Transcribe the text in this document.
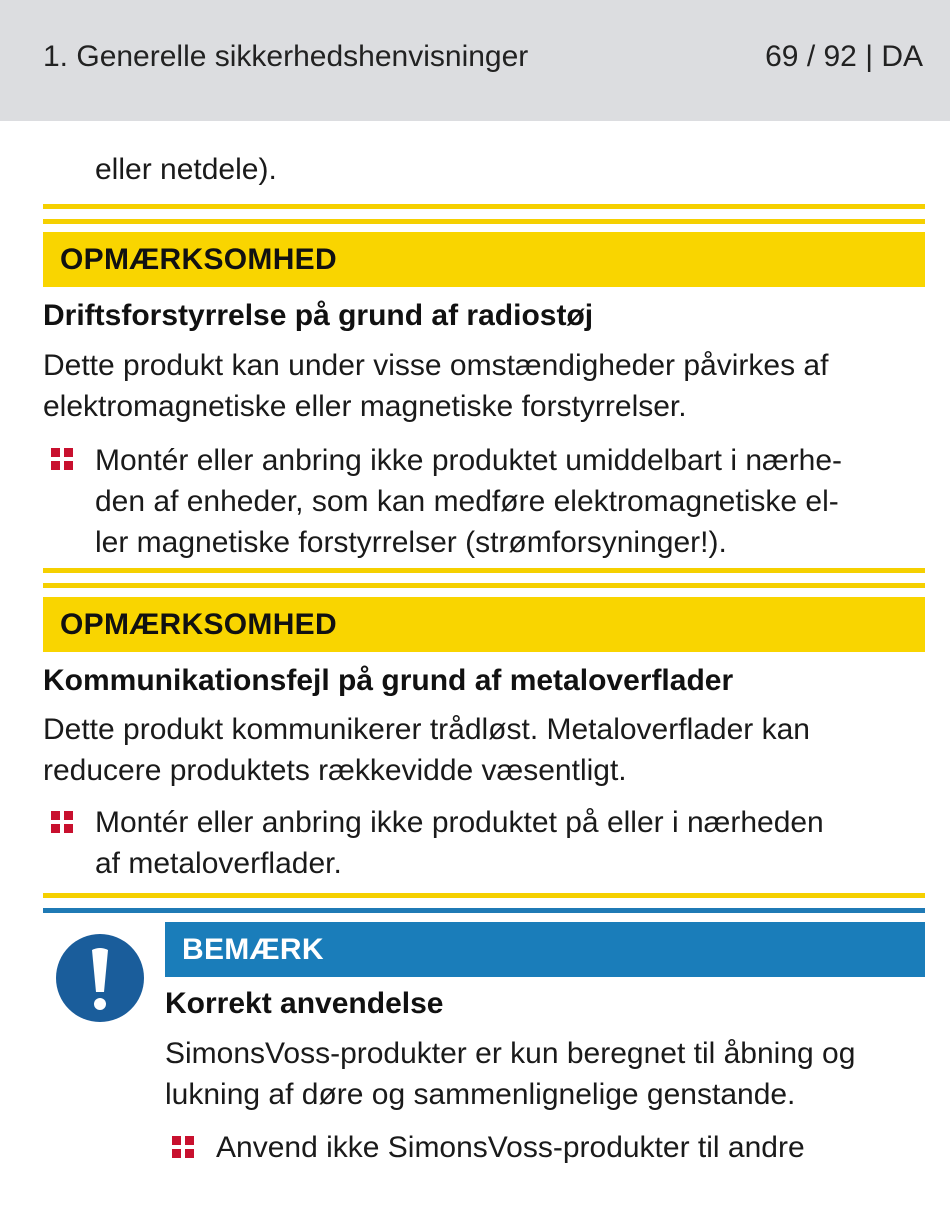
1. Generelle sikkerhedshenvisninger	69 / 92 | DA
eller netdele).
OPMÆRKSOMHED
Driftsforstyrrelse på grund af radiostøj
Dette produkt kan under visse omstændigheder påvirkes af
elektromagnetiske eller magnetiske forstyrrelser.
Montér eller anbring ikke produktet umiddelbart i nærhe-
den af enheder, som kan medføre elektromagnetiske el-
ler magnetiske forstyrrelser (strømforsyninger!).
OPMÆRKSOMHED
Kommunikationsfejl på grund af metaloverflader
Dette produkt kommunikerer trådløst. Metaloverflader kan
reducere produktets rækkevidde væsentligt.
Montér eller anbring ikke produktet på eller i nærheden
af metaloverflader.
BEMÆRK
Korrekt anvendelse
SimonsVoss-produkter er kun beregnet til åbning og
lukning af døre og sammenlignelige genstande.
Anvend ikke SimonsVoss-produkter til andre
